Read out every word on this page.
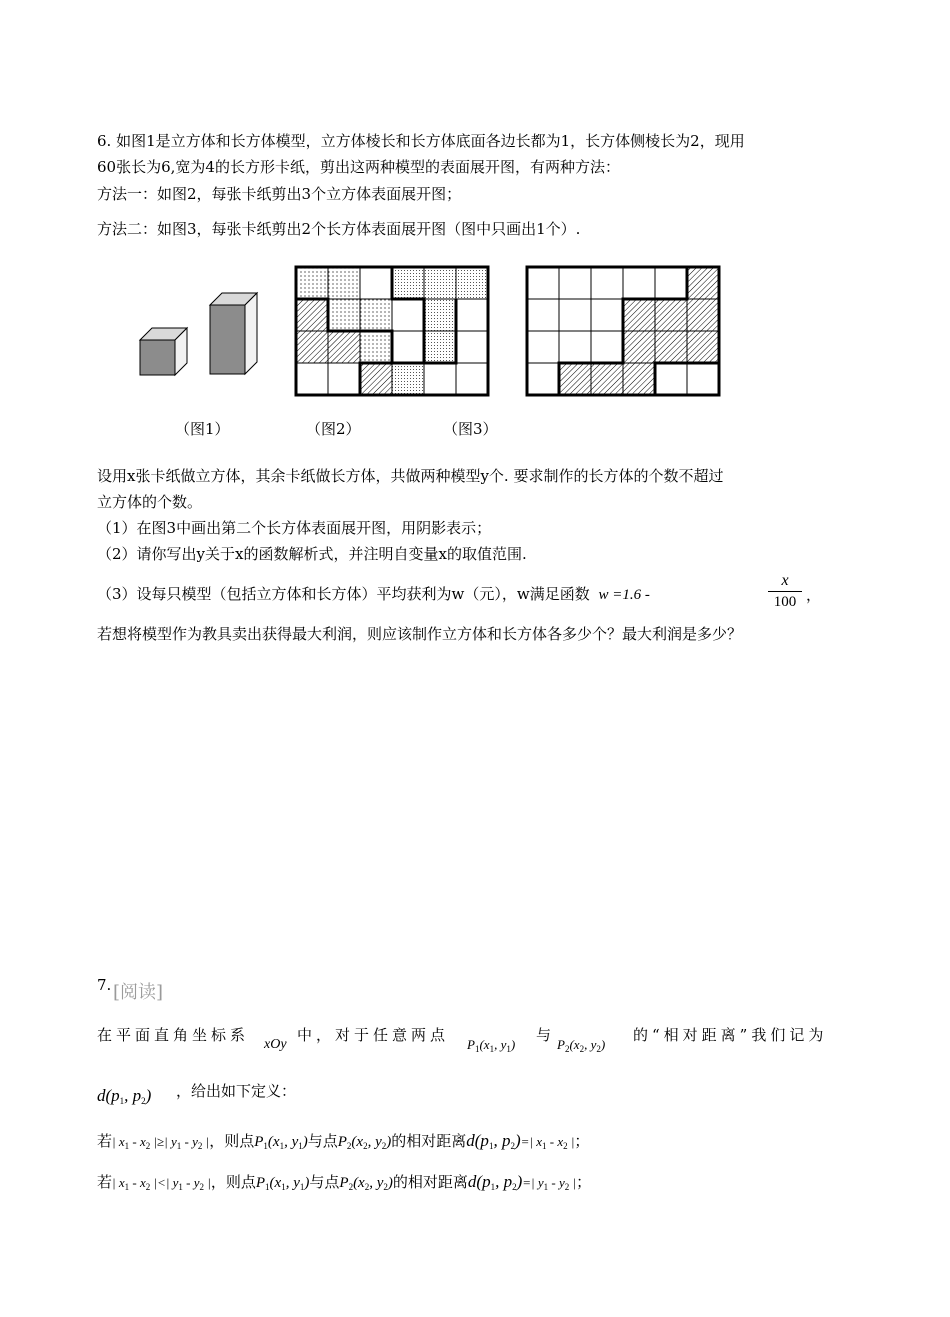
6. 如图1是立方体和长方体模型，立方体棱长和长方体底面各边长都为1，长方体侧棱长为2，现用
60张长为6,宽为4的长方形卡纸，剪出这两种模型的表面展开图，有两种方法：
方法一：如图2，每张卡纸剪出3个立方体表面展开图；
方法二：如图3，每张卡纸剪出2个长方体表面展开图（图中只画出1个）.
（图1）	（图2）	（图3）
设用x张卡纸做立方体，其余卡纸做长方体，共做两种模型y个. 要求制作的长方体的个数不超过
立方体的个数。
（1）在图3中画出第二个长方体表面展开图，用阴影表示；
（2）请你写出y关于x的函数解析式，并注明自变量x的取值范围.
（3）设每只模型（包括立方体和长方体）平均获利为w（元），w满足函数 w =1.6 -
x
100 ，
若想将模型作为教具卖出获得最大利润，则应该制作立方体和长方体各多少个？最大利润是多少？
7. [阅读]
在平面直角坐标系
xOy
中，对于任意两点
$P_1(x_1$, $y_1$)
与
$P_2(x_2$, $y_2$)
的“相对距离”我们记为
$d(p_1$, $p_2$) ，给出如下定义：
若| $x_1 - x_2$ |≥| $y_1 - y_2$ |，则点$P_1(x_1$, $y_1$)与点$P_2(x_2$, $y_2$)的相对距离$d(p_1$, $p_2)=|$ $x_1 - x_2$ |；
若| $x_1 - x_2$ |<| $y_1 - y_2$ |，则点$P_1(x_1$, $y_1$)与点$P_2(x_2$, $y_2$)的相对距离$d(p_1$, $p_2)=|$ $y_1 - y_2$ |；
